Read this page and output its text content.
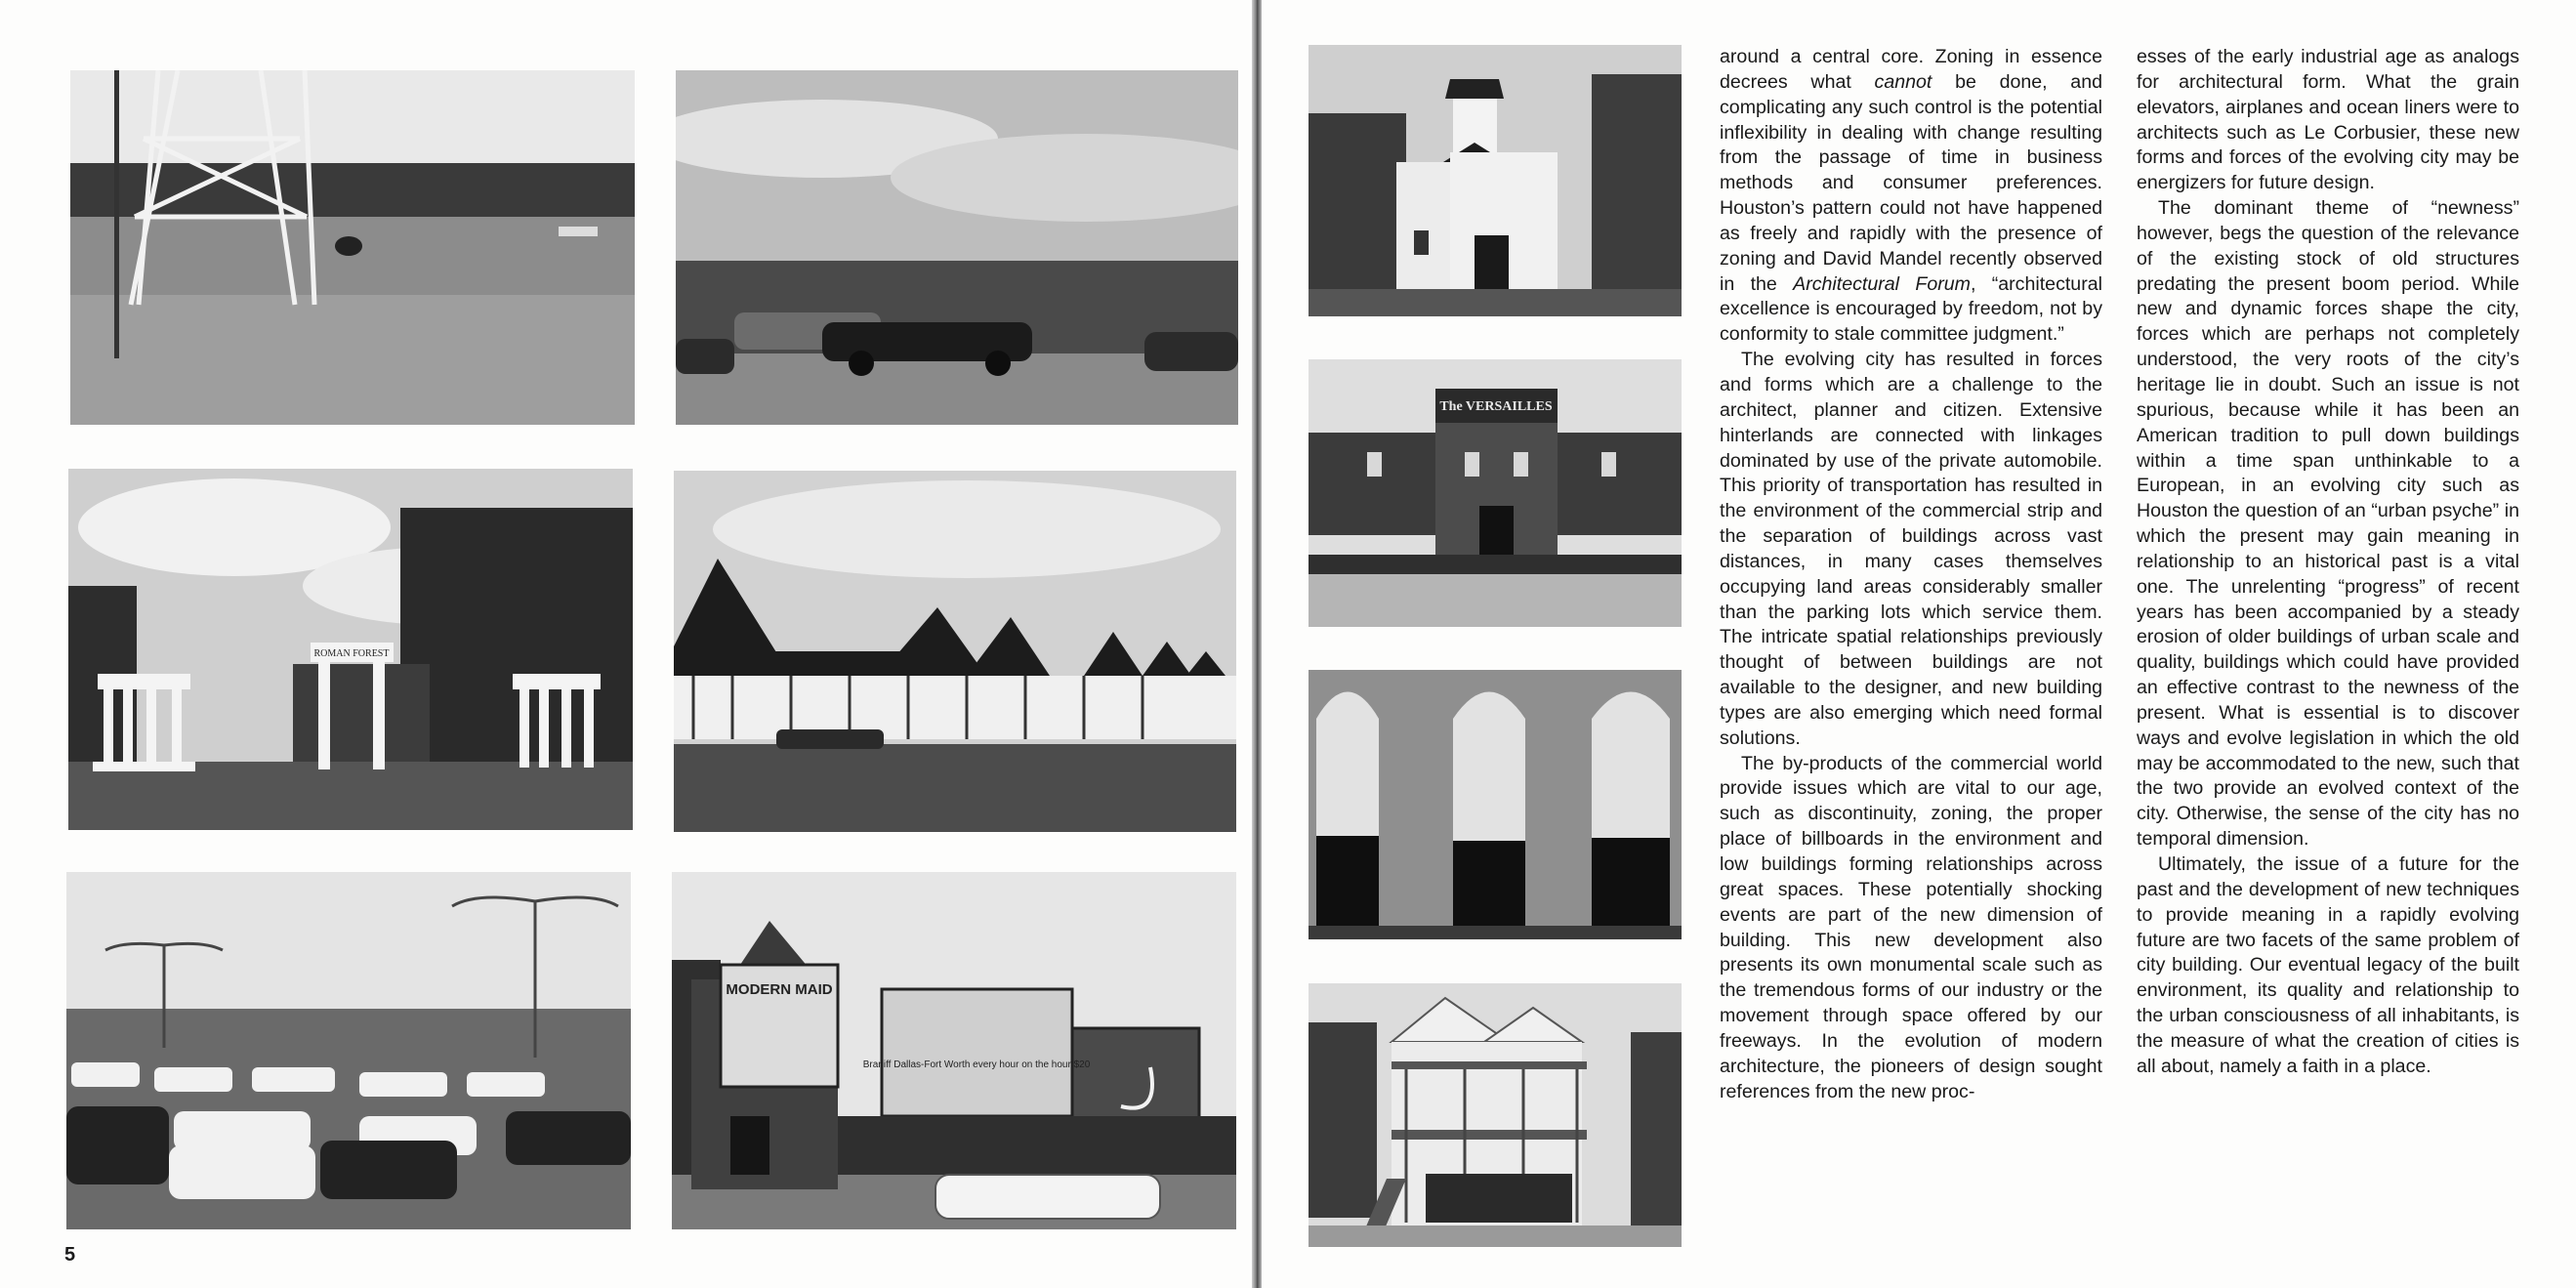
ROMAN FOREST
MODERN MAID
Braniff Dallas-Fort Worth every hour on the hour $20
5
The VERSAILLES

around a central core. Zoning in essence decrees what cannot be done, and complicating any such control is the potential inflexibility in dealing with change resulting from the passage of time in business methods and consumer preferences. Houston’s pattern could not have happened as freely and rapidly with the presence of zoning and David Mandel recently observed in the Architectural Forum, “architectural excellence is encouraged by freedom, not by conformity to stale committee judgment.”

The evolving city has resulted in forces and forms which are a challenge to the architect, planner and citizen. Extensive hinterlands are connected with linkages dominated by use of the private automobile. This priority of transportation has resulted in the environment of the commercial strip and the separation of buildings across vast distances, in many cases themselves occupying land areas considerably smaller than the parking lots which service them. The intricate spatial relationships previously thought of between buildings are not available to the designer, and new building types are also emerging which need formal solutions.

The by-products of the commercial world provide issues which are vital to our age, such as discontinuity, zoning, the proper place of billboards in the environment and low buildings forming relationships across great spaces. These potentially shocking events are part of the new dimension of building. This new development also presents its own monumental scale such as the tremendous forms of our industry or the movement through space offered by our freeways. In the evolution of modern architecture, the pioneers of design sought references from the new proc-

esses of the early industrial age as analogs for architectural form. What the grain elevators, airplanes and ocean liners were to architects such as Le Corbusier, these new forms and forces of the evolving city may be energizers for future design.

The dominant theme of “newness” however, begs the question of the relevance of the existing stock of old structures predating the present boom period. While new and dynamic forces shape the city, forces which are perhaps not completely understood, the very roots of the city’s heritage lie in doubt. Such an issue is not spurious, because while it has been an American tradition to pull down buildings within a time span unthinkable to a European, in an evolving city such as Houston the question of an “urban psyche” in which the present may gain meaning in relationship to an historical past is a vital one. The unrelenting “progress” of recent years has been accompanied by a steady erosion of older buildings of urban scale and quality, buildings which could have provided an effective contrast to the newness of the present. What is essential is to discover ways and evolve legislation in which the old may be accommodated to the new, such that the two provide an evolved context of the city. Otherwise, the sense of the city has no temporal dimension.

Ultimately, the issue of a future for the past and the development of new techniques to provide meaning in a rapidly evolving future are two facets of the same problem of city building. Our eventual legacy of the built environment, its quality and relationship to the urban consciousness of all inhabitants, is the measure of what the creation of cities is all about, namely a faith in a place.
